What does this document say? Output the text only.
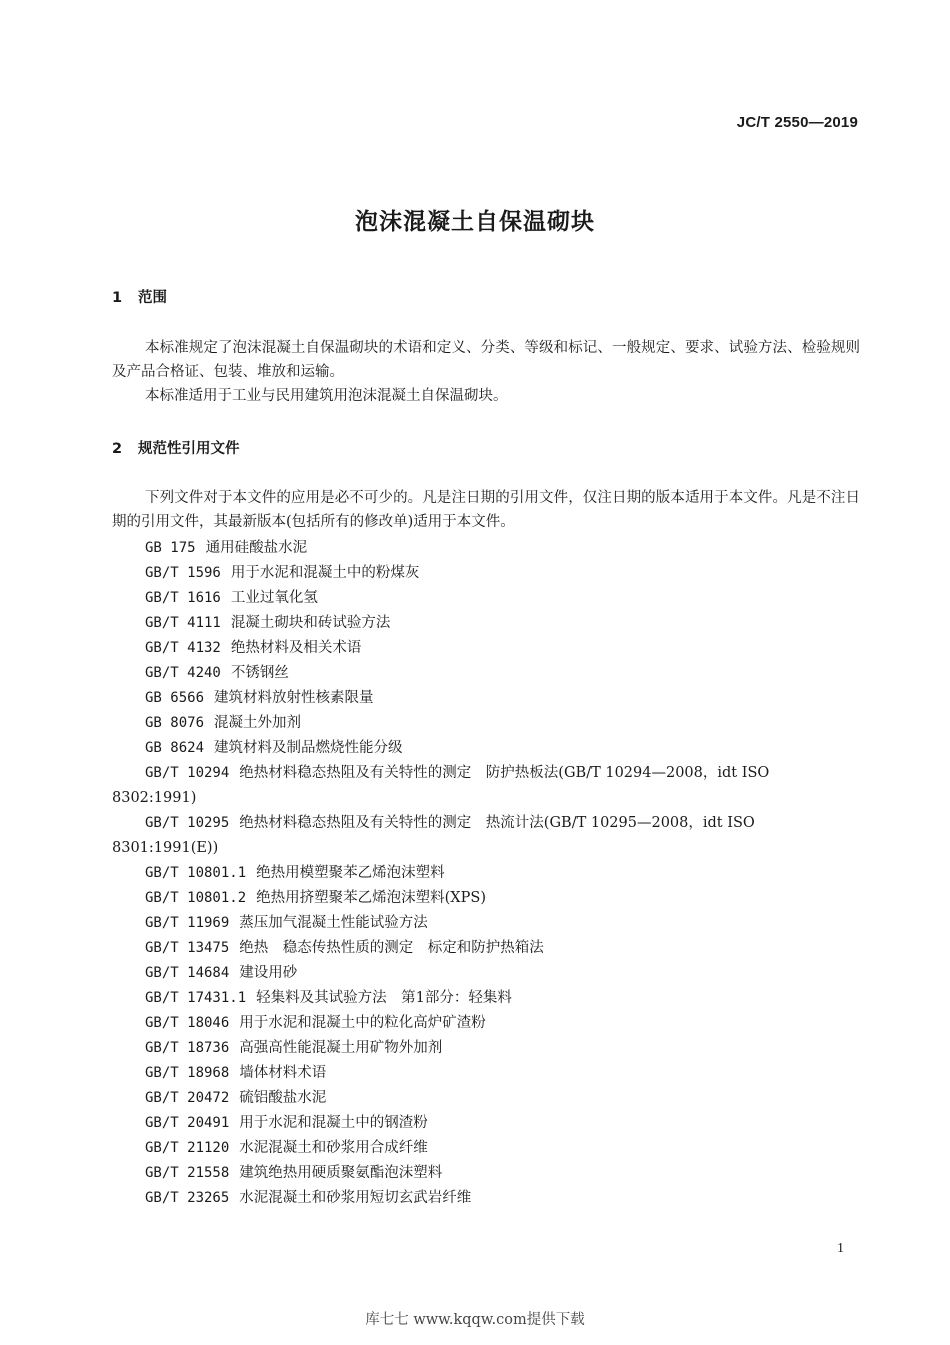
JC/T 2550—2019
泡沫混凝土自保温砌块
1 范围

本标准规定了泡沫混凝土自保温砌块的术语和定义、分类、等级和标记、一般规定、要求、试验方法、检验规则及产品合格证、包装、堆放和运输。

本标准适用于工业与民用建筑用泡沫混凝土自保温砌块。

2 规范性引用文件

下列文件对于本文件的应用是必不可少的。凡是注日期的引用文件，仅注日期的版本适用于本文件。凡是不注日期的引用文件，其最新版本(包括所有的修改单)适用于本文件。

GB 175 通用硅酸盐水泥

GB/T 1596 用于水泥和混凝土中的粉煤灰

GB/T 1616 工业过氧化氢

GB/T 4111 混凝土砌块和砖试验方法

GB/T 4132 绝热材料及相关术语

GB/T 4240 不锈钢丝

GB 6566 建筑材料放射性核素限量

GB 8076 混凝土外加剂

GB 8624 建筑材料及制品燃烧性能分级

GB/T 10294 绝热材料稳态热阻及有关特性的测定　防护热板法(GB/T 10294—2008，idt ISO
8302:1991)

GB/T 10295 绝热材料稳态热阻及有关特性的测定　热流计法(GB/T 10295—2008，idt ISO
8301:1991(E))

GB/T 10801.1 绝热用模塑聚苯乙烯泡沫塑料

GB/T 10801.2 绝热用挤塑聚苯乙烯泡沫塑料(XPS)

GB/T 11969 蒸压加气混凝土性能试验方法

GB/T 13475 绝热　稳态传热性质的测定　标定和防护热箱法

GB/T 14684 建设用砂

GB/T 17431.1 轻集料及其试验方法　第1部分：轻集料

GB/T 18046 用于水泥和混凝土中的粒化高炉矿渣粉

GB/T 18736 高强高性能混凝土用矿物外加剂

GB/T 18968 墙体材料术语

GB/T 20472 硫铝酸盐水泥

GB/T 20491 用于水泥和混凝土中的钢渣粉

GB/T 21120 水泥混凝土和砂浆用合成纤维

GB/T 21558 建筑绝热用硬质聚氨酯泡沫塑料

GB/T 23265 水泥混凝土和砂浆用短切玄武岩纤维

1
库七七 www.kqqw.com提供下载
